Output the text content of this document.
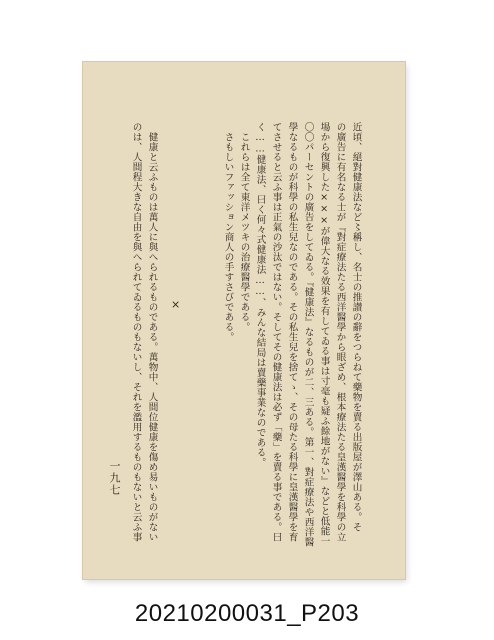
近頃、絕對健康法など〻稱し、名士の推讃の辭をつらねて藥物を賣る出版屋が澤山ある。そ
の廣告に有名なる士が『對症療法たる西洋醫學から眼ざめ、根本療法たる皇漢醫學を科學の立
場から復興した×××が偉大なる效果を有してゐる事は寸毫も疑ふ餘地がない』などと低能一
〇〇パーセントの廣告をしてゐる。『健康法』なるものが二、三ある。第一、對症療法や西洋醫
學なるものが科學の私生兒なのである。その私生兒を捨てゝ、その母たる科學に皇漢醫學を育
てさせると云ふ事は正氣の沙汰ではない。そしてその健康法は必ず「藥」を賣る事である。曰
く……健康法、曰く何々式健康法……、みんな結局は賣藥事業なのである。
これらは全て東洋メツキの治療醫學である。
さもしいファッション商人の手すさびである。
×
健康と云ふものは萬人に與へられるものである。萬物中、人間位健康を傷め易いものがない
のは、人間程大きな自由を與へられてゐるものもないし、それを濫用するものもないと云ふ事
一九七
20210200031_P203
